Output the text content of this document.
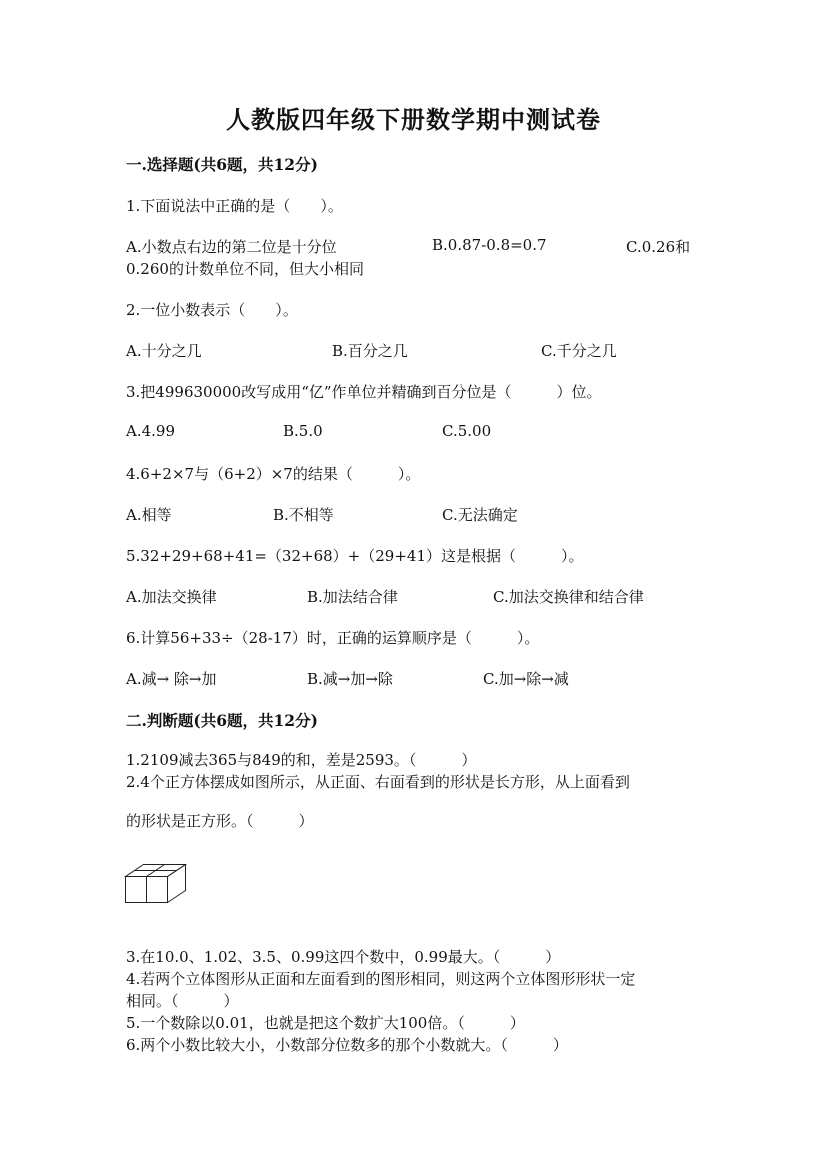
人教版四年级下册数学期中测试卷
一.选择题(共6题，共12分)
1.下面说法中正确的是（　　）。
A.小数点右边的第二位是十分位	B.0.87-0.8=0.7	C.0.26和
0.260的计数单位不同，但大小相同
2.一位小数表示（　　）。
A.十分之几	B.百分之几	C.千分之几
3.把499630000改写成用“亿”作单位并精确到百分位是（　　　）位。
A.4.99	B.5.0	C.5.00
4.6+2×7与（6+2）×7的结果（　　　）。
A.相等	B.不相等	C.无法确定
5.32+29+68+41=（32+68）+（29+41）这是根据（　　　）。
A.加法交换律	B.加法结合律	C.加法交换律和结合律
6.计算56+33÷（28-17）时，正确的运算顺序是（　　　）。
A.减→ 除→加	B.减→加→除	C.加→除→减
二.判断题(共6题，共12分)
1.2109减去365与849的和，差是2593。（　　　）
2.4个正方体摆成如图所示，从正面、右面看到的形状是长方形，从上面看到
的形状是正方形。（　　　）
3.在10.0、1.02、3.5、0.99这四个数中，0.99最大。（　　　）
4.若两个立体图形从正面和左面看到的图形相同，则这两个立体图形形状一定
相同。（　　　）
5.一个数除以0.01，也就是把这个数扩大100倍。（　　　）
6.两个小数比较大小，小数部分位数多的那个小数就大。（　　　）
